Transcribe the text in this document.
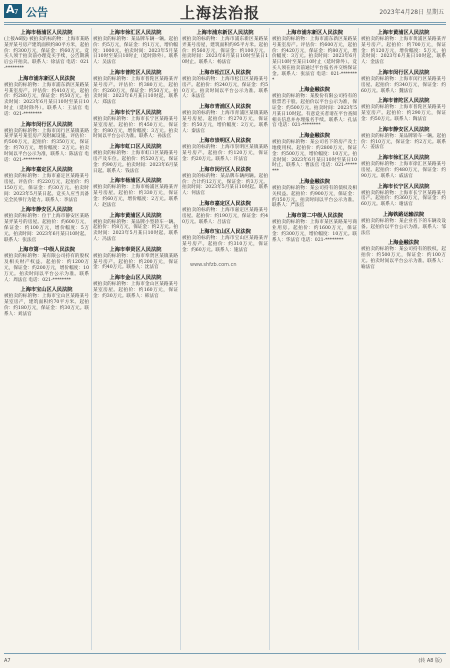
A 7 公告	上海法治报	2023年4月28日 星期五
上海市杨浦区人民法院
(上接A6版) 被拍卖的标的物：上海市某路某弄某号房产建筑面积约80平方米，起拍价：约300万元，保证金：约60万元。竞买人须于拍卖前办理竞买手续，公告期满后公开拍卖。联系人：徐法官 电话：021-********
上海市浦东新区人民法院
被拍卖的标的物：上海市浦东新区某路某号某室房产。评估价：约410万元，起拍价：约280万元，保证金：约50万元。拍卖时间：2023年6月某日10时至某日10时止（延时除外）。联系人：王法官 电话：021-********
上海市闵行区人民法院
被拍卖的标的物：上海市闵行区某镇某路某弄某号某室房产及附属设施。评估价：约500万元，起拍价：约350万元，保证金：约70万元，增价幅度：2万元。拍卖时间以平台公示为准，联系人：陈法官 电话：021-********
上海市嘉定区人民法院
被拍卖的标的物：上海市嘉定区某路某号房屋。评估价：约220万元，起拍价：约150万元，保证金：约30万元。拍卖时间：2023年5月某日起。竞买人应当具备完全民事行为能力。联系人：李法官
上海市静安区人民法院
被拍卖的标的物：位于上海市静安区某路某弄某号的房屋。起拍价：约600万元，保证金：约100万元，增价幅度：5万元。拍卖时间：2023年6月某日10时起。联系人：张法官
上海市第一中级人民法院
被拍卖的标的物：某有限公司持有的股权及相关财产权益。起拍价：约1200万元，保证金：约200万元，增价幅度：10万元。拍卖时间以平台公示为准。联系人：周法官 电话：021-********
上海市宝山区人民法院
被拍卖的标的物：上海市宝山区某路某号某室房产，建筑面积约70平方米。起拍价：约180万元，保证金：约30万元。联系人：刘法官
上海市徐汇区人民法院
被拍卖的标的物：某品牌车辆一辆。起拍价：约5万元，保证金：约1万元，增价幅度：1000元。拍卖时间：2023年5月某日10时至某日10时止（延时除外）。联系人：吴法官
上海市普陀区人民法院
被拍卖的标的物：上海市普陀区某路某弄某号房产。评估价：约380万元，起拍价：约260万元，保证金：约50万元。拍卖时间：2023年6月某日10时起。联系人：郑法官
上海市长宁区人民法院
被拍卖的标的物：上海市长宁区某路某号某室房屋。起拍价：约450万元，保证金：约80万元，增价幅度：3万元。拍卖时间以平台公示为准。联系人：孙法官
上海市虹口区人民法院
被拍卖的标的物：上海市虹口区某路某号房产及车位。起拍价：约520万元，保证金：约90万元。拍卖时间：2023年6月某日起。联系人：钱法官
上海市杨浦区人民法院
被拍卖的标的物：上海市杨浦区某路某弄某号房屋。起拍价：约330万元，保证金：约60万元，增价幅度：2万元。联系人：赵法官
上海市黄浦区人民法院
被拍卖的标的物：某品牌小型轿车一辆。起拍价：约8万元，保证金：约2万元。拍卖时间：2023年5月某日10时起。联系人：冯法官
上海市奉贤区人民法院
被拍卖的标的物：上海市奉贤区某镇某路某号房产。起拍价：约200万元，保证金：约40万元。联系人：沈法官
上海市金山区人民法院
被拍卖的标的物：上海市金山区某路某号某室房屋。起拍价：约160万元，保证金：约30万元。联系人：韩法官
上海市浦东新区人民法院
被拍卖的标的物：上海市浦东新区某路某弄某号房屋，建筑面积约95平方米。起拍价：约560万元，保证金：约100万元。拍卖时间：2023年6月某日10时至某日10时止。联系人：杨法官
上海市松江区人民法院
被拍卖的标的物：上海市松江区某路某号房产。起拍价：约240万元，保证金：约50万元。拍卖时间以平台公示为准。联系人：朱法官
上海市青浦区人民法院
被拍卖的标的物：上海市青浦区某镇某路某号房屋。起拍价：约270万元，保证金：约50万元，增价幅度：2万元。联系人：秦法官
上海市崇明区人民法院
被拍卖的标的物：上海市崇明区某镇某路某号房产。起拍价：约120万元，保证金：约20万元。联系人：许法官
上海市闵行区人民法院
被拍卖的标的物：某品牌车辆两辆。起拍价：合计约12万元，保证金：约3万元。拍卖时间：2023年5月某日10时起。联系人：何法官
上海市嘉定区人民法院
被拍卖的标的物：上海市嘉定区某路某号房屋。起拍价：约190万元，保证金：约40万元。联系人：吕法官
上海市宝山区人民法院
被拍卖的标的物：上海市宝山区某路某弄某号房产。起拍价：约310万元，保证金：约60万元。联系人：施法官
上海市浦东新区人民法院
被拍卖的标的物：上海市浦东新区某路某号某室房产。评估价：约600万元，起拍价：约420万元，保证金：约80万元，增价幅度：3万元。拍卖时间：2023年6月某日10时至某日10时止（延时除外）。竞买人须在拍卖前通过平台报名并交纳保证金。联系人：张法官 电话：021-********
上海金融法院
被拍卖的标的物：某股份有限公司持有的股票若干股。起拍价以平台公示为准，保证金：约500万元。拍卖时间：2023年5月某日10时起。有意竞买者请在平台查阅相关信息并办理报名手续。联系人：孔法官 电话：021-********
上海金融法院
被拍卖的标的物：某公司名下的房产及土地使用权。起拍价：约2800万元，保证金：约500万元，增价幅度：10万元。拍卖时间：2023年6月某日10时至某日10时止。联系人：曹法官 电话：021-********
上海金融法院
被拍卖的标的物：某公司持有的债权及相关权益。起拍价：约900万元，保证金：约150万元。拍卖时间以平台公示为准。联系人：严法官
上海市第二中级人民法院
被拍卖的标的物：上海市某区某路某号商业用房。起拍价：约1600万元，保证金：约300万元，增价幅度：10万元。联系人：华法官 电话：021-********
上海市黄浦区人民法院
被拍卖的标的物：上海市黄浦区某路某弄某号房产。起拍价：约700万元，保证金：约120万元，增价幅度：5万元。拍卖时间：2023年6月某日10时起。联系人：金法官
上海市闵行区人民法院
被拍卖的标的物：上海市闵行区某路某号房屋。起拍价：约340万元，保证金：约60万元。联系人：魏法官
上海市普陀区人民法院
被拍卖的标的物：上海市普陀区某路某号某室房产。起拍价：约290万元，保证金：约50万元。联系人：陶法官
上海市静安区人民法院
被拍卖的标的物：某品牌轿车一辆。起拍价：约10万元，保证金：约2万元。联系人：姜法官
上海市徐汇区人民法院
被拍卖的标的物：上海市徐汇区某路某号房屋。起拍价：约480万元，保证金：约90万元。联系人：戚法官
上海市长宁区人民法院
被拍卖的标的物：上海市长宁区某路某号房产。起拍价：约360万元，保证金：约60万元。联系人：谢法官
上海铁路运输法院
被拍卖的标的物：某企业名下的车辆及设备。起拍价以平台公示为准。联系人：邹法官
上海金融法院
被拍卖的标的物：某公司持有的股权。起拍价：约500万元，保证金：约100万元。拍卖时间以平台公示为准。联系人：喻法官
www.shfzb.com.cn
A7	(转 A8 版)
